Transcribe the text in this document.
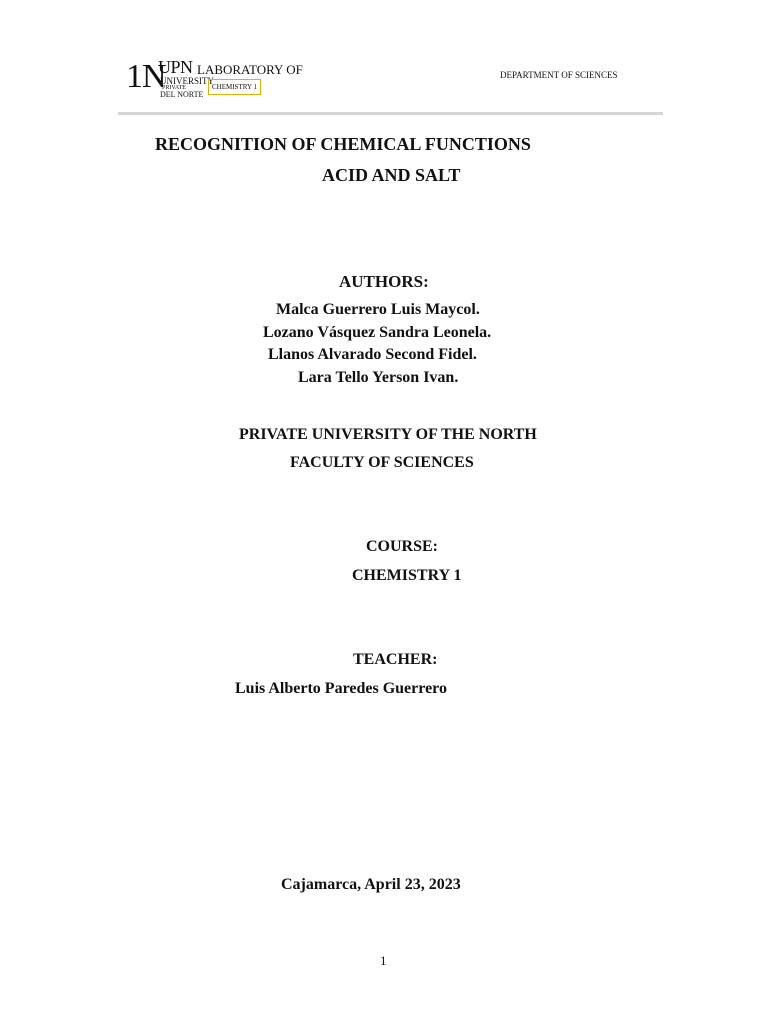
1 N
UPN LABORATORY OF
UNIVERSITY
PRIVATE
DEL NORTE
CHEMISTRY 1
DEPARTMENT OF SCIENCES
RECOGNITION OF CHEMICAL FUNCTIONS
ACID AND SALT
AUTHORS:
Malca Guerrero Luis Maycol.
Lozano Vásquez Sandra Leonela.
Llanos Alvarado Second Fidel.
Lara Tello Yerson Ivan.
PRIVATE UNIVERSITY OF THE NORTH
FACULTY OF SCIENCES
COURSE:
CHEMISTRY 1
TEACHER:
Luis Alberto Paredes Guerrero
Cajamarca, April 23, 2023
1
